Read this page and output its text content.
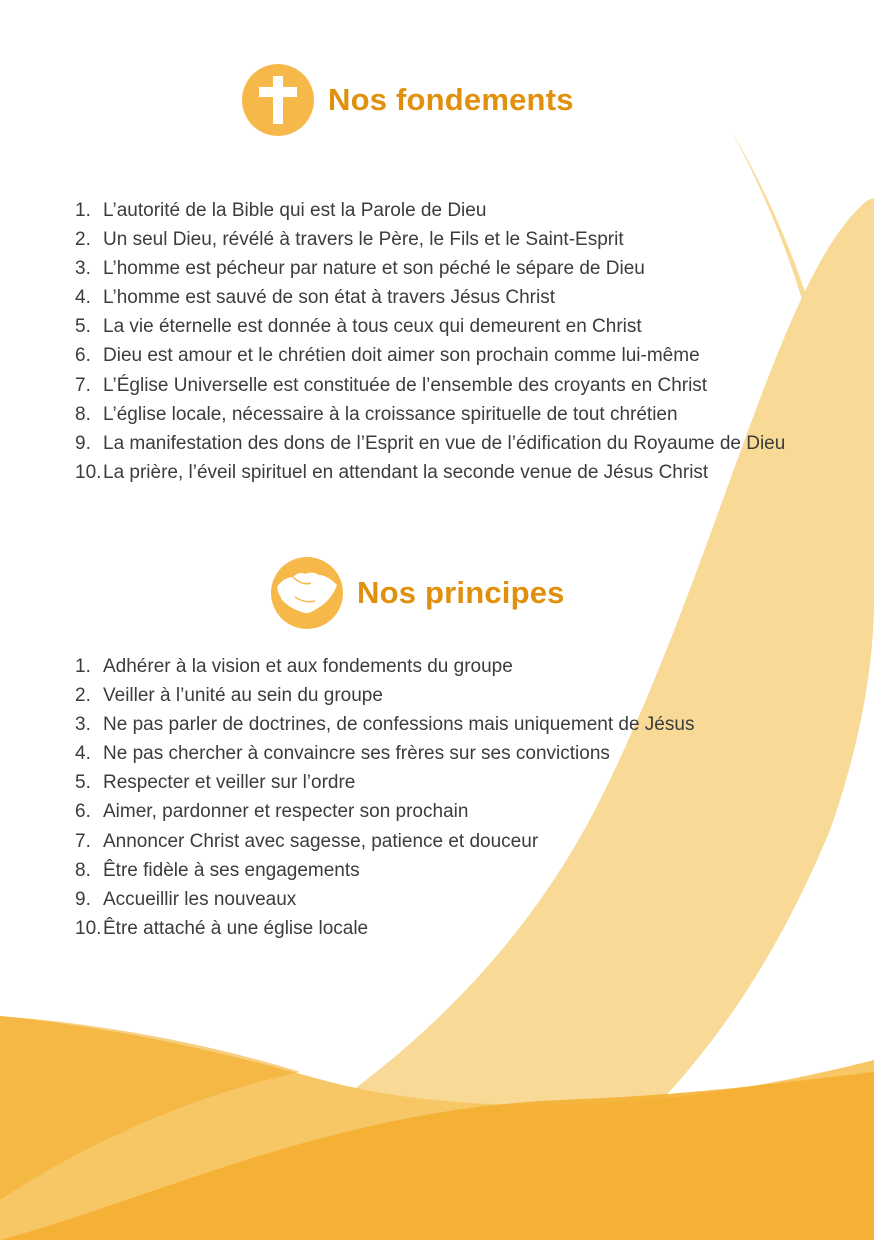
Nos fondements
1. L’autorité de la Bible qui est la Parole de Dieu
2. Un seul Dieu, révélé à travers le Père, le Fils et le Saint-Esprit
3. L’homme est pécheur par nature et son péché le sépare de Dieu
4. L’homme est sauvé de son état à travers Jésus Christ
5. La vie éternelle est donnée à tous ceux qui demeurent en Christ
6. Dieu est amour et le chrétien doit aimer son prochain comme lui-même
7. L’Église Universelle est constituée de l’ensemble des croyants en Christ
8. L’église locale, nécessaire à la croissance spirituelle de tout chrétien
9. La manifestation des dons de l’Esprit en vue de l’édification du Royaume de Dieu
10. La prière, l’éveil spirituel en attendant la seconde venue de Jésus Christ
Nos principes
1. Adhérer à la vision et aux fondements du groupe
2. Veiller à l’unité au sein du groupe
3. Ne pas parler de doctrines, de confessions mais uniquement de Jésus
4. Ne pas chercher à convaincre ses frères sur ses convictions
5. Respecter et veiller sur l’ordre
6. Aimer, pardonner et respecter son prochain
7. Annoncer Christ avec sagesse, patience et douceur
8. Être fidèle à ses engagements
9. Accueillir les nouveaux
10. Être attaché à une église locale
